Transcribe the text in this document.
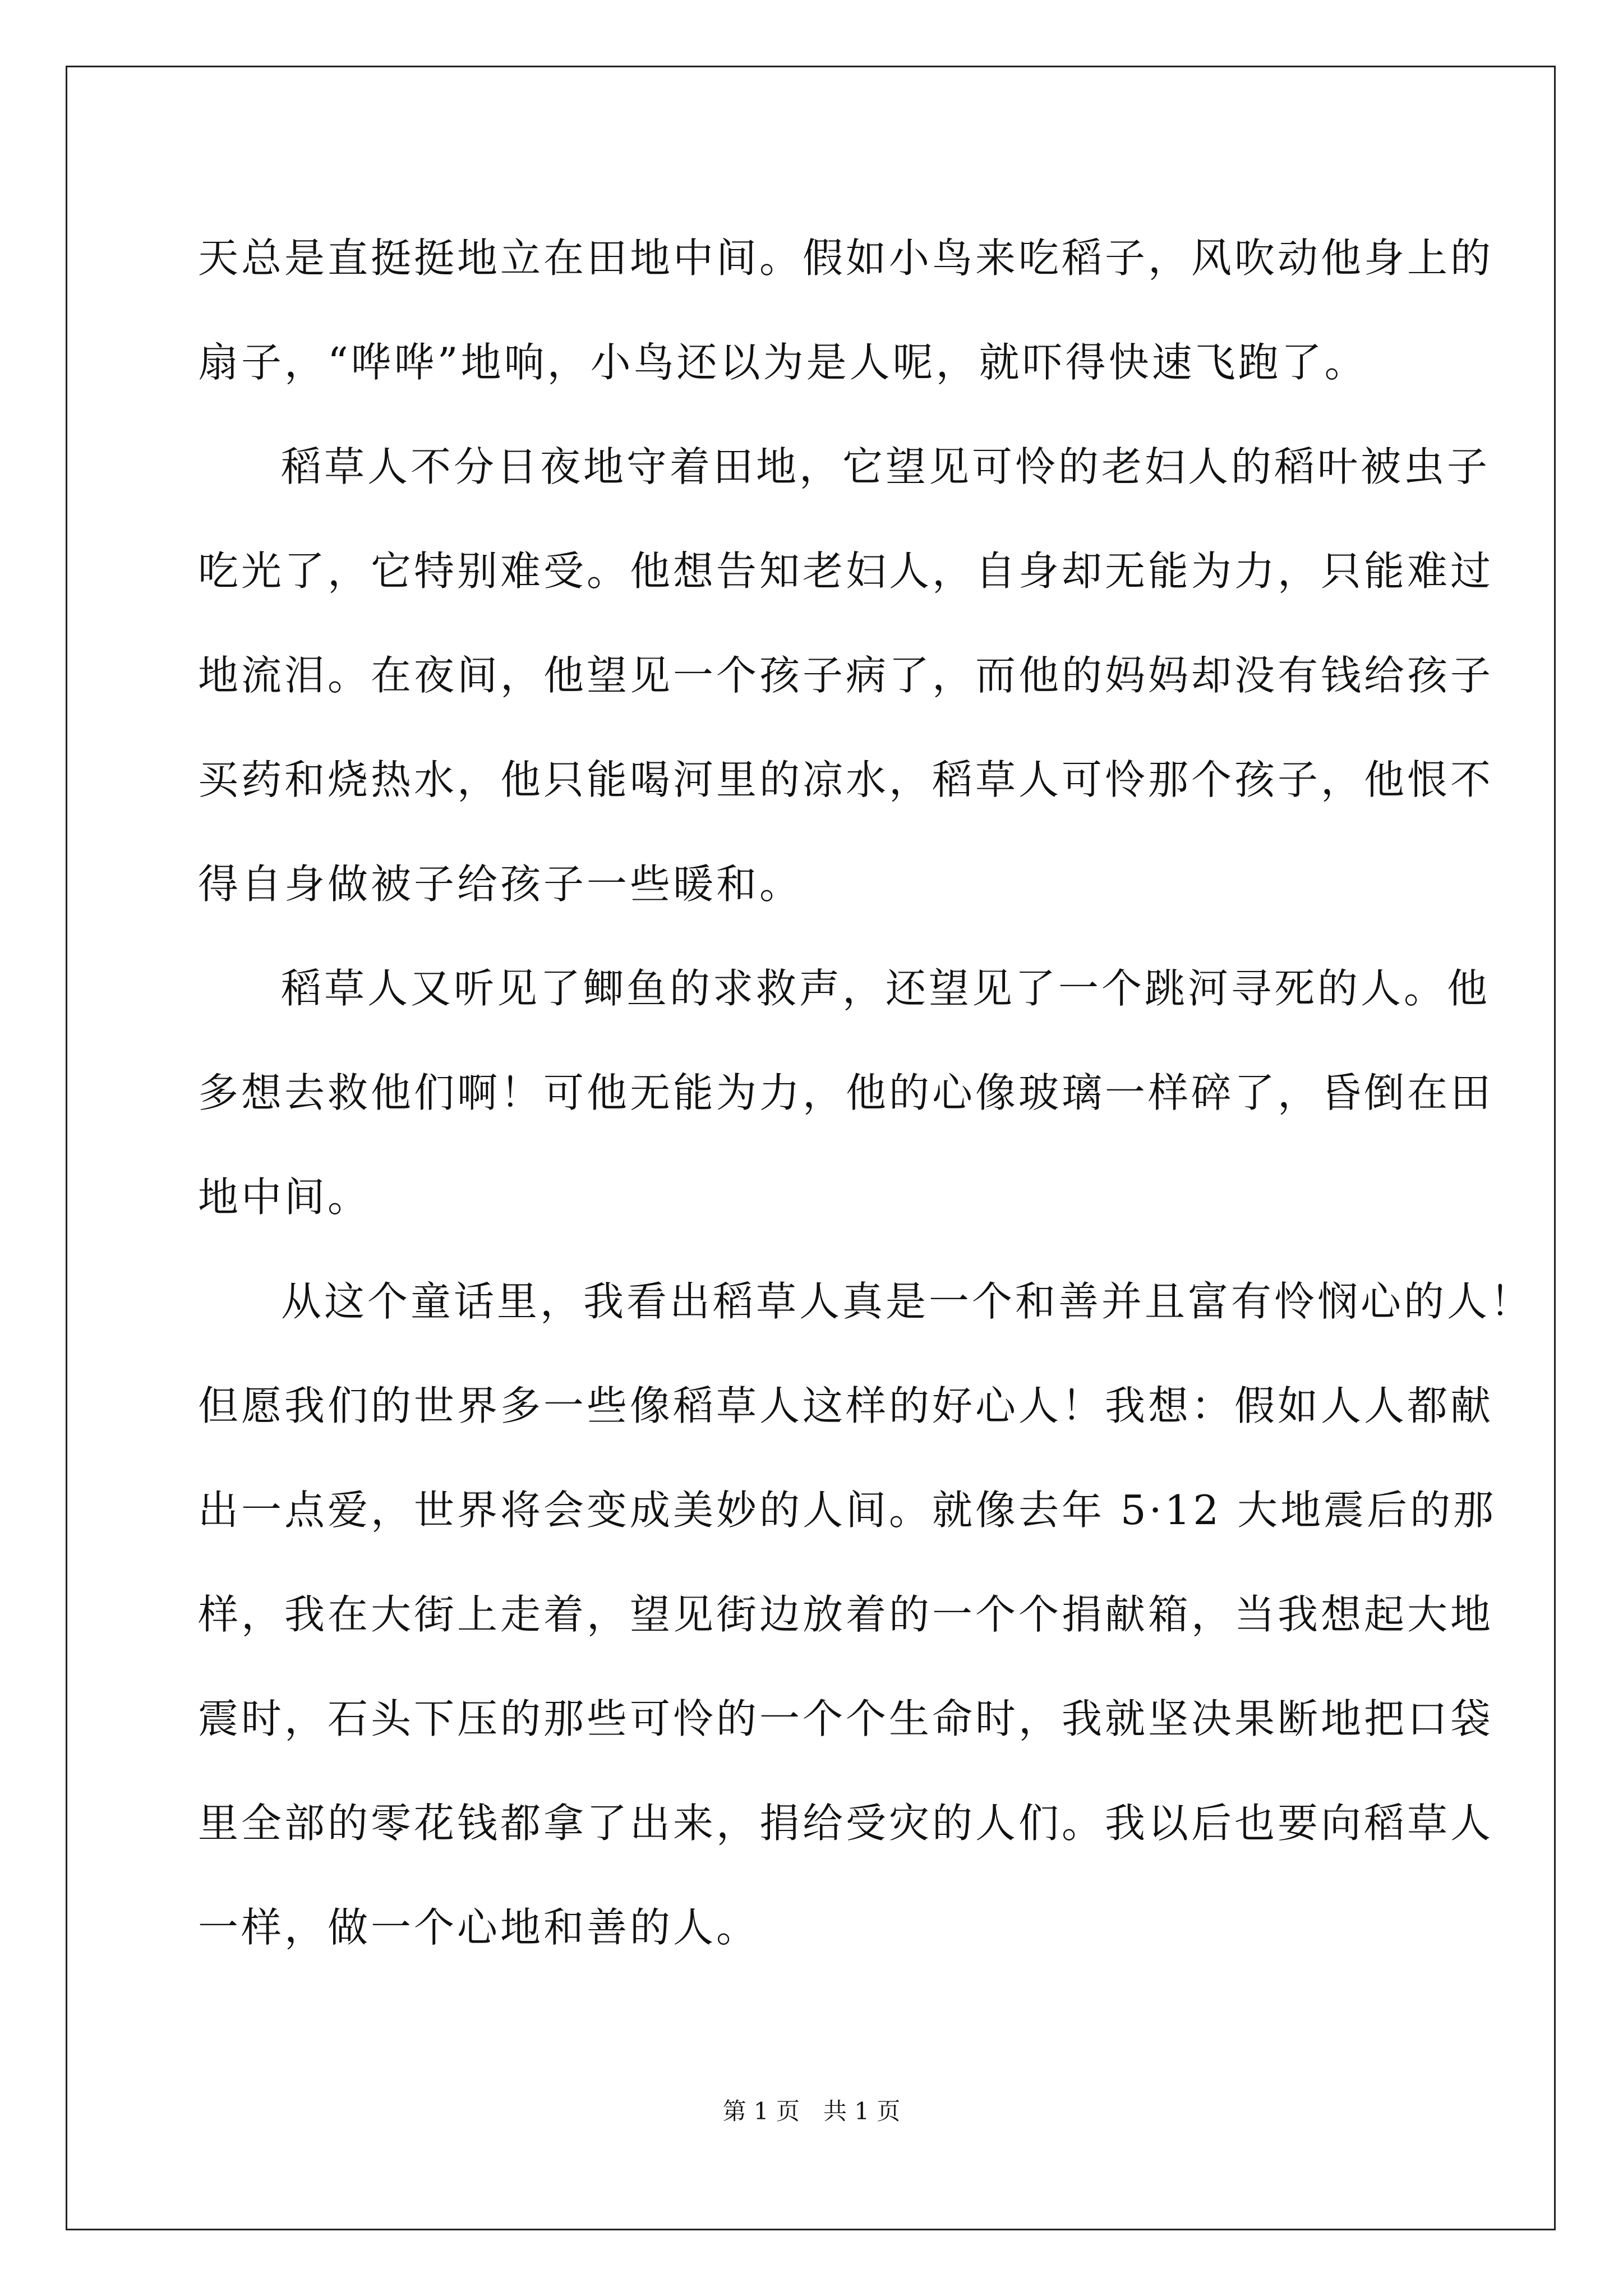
天总是直挺挺地立在田地中间。假如小鸟来吃稻子，风吹动他身上的
扇子，“哗哗”地响，小鸟还以为是人呢，就吓得快速飞跑了。
稻草人不分日夜地守着田地，它望见可怜的老妇人的稻叶被虫子
吃光了，它特别难受。他想告知老妇人，自身却无能为力，只能难过
地流泪。在夜间，他望见一个孩子病了，而他的妈妈却没有钱给孩子
买药和烧热水，他只能喝河里的凉水，稻草人可怜那个孩子，他恨不
得自身做被子给孩子一些暖和。
稻草人又听见了鲫鱼的求救声，还望见了一个跳河寻死的人。他
多想去救他们啊！可他无能为力，他的心像玻璃一样碎了，昏倒在田
地中间。
从这个童话里，我看出稻草人真是一个和善并且富有怜悯心的人！
但愿我们的世界多一些像稻草人这样的好心人！我想：假如人人都献
出一点爱，世界将会变成美妙的人间。就像去年 5·12 大地震后的那
样，我在大街上走着，望见街边放着的一个个捐献箱，当我想起大地
震时，石头下压的那些可怜的一个个生命时，我就坚决果断地把口袋
里全部的零花钱都拿了出来，捐给受灾的人们。我以后也要向稻草人
一样，做一个心地和善的人。
第 1 页　共 1 页
